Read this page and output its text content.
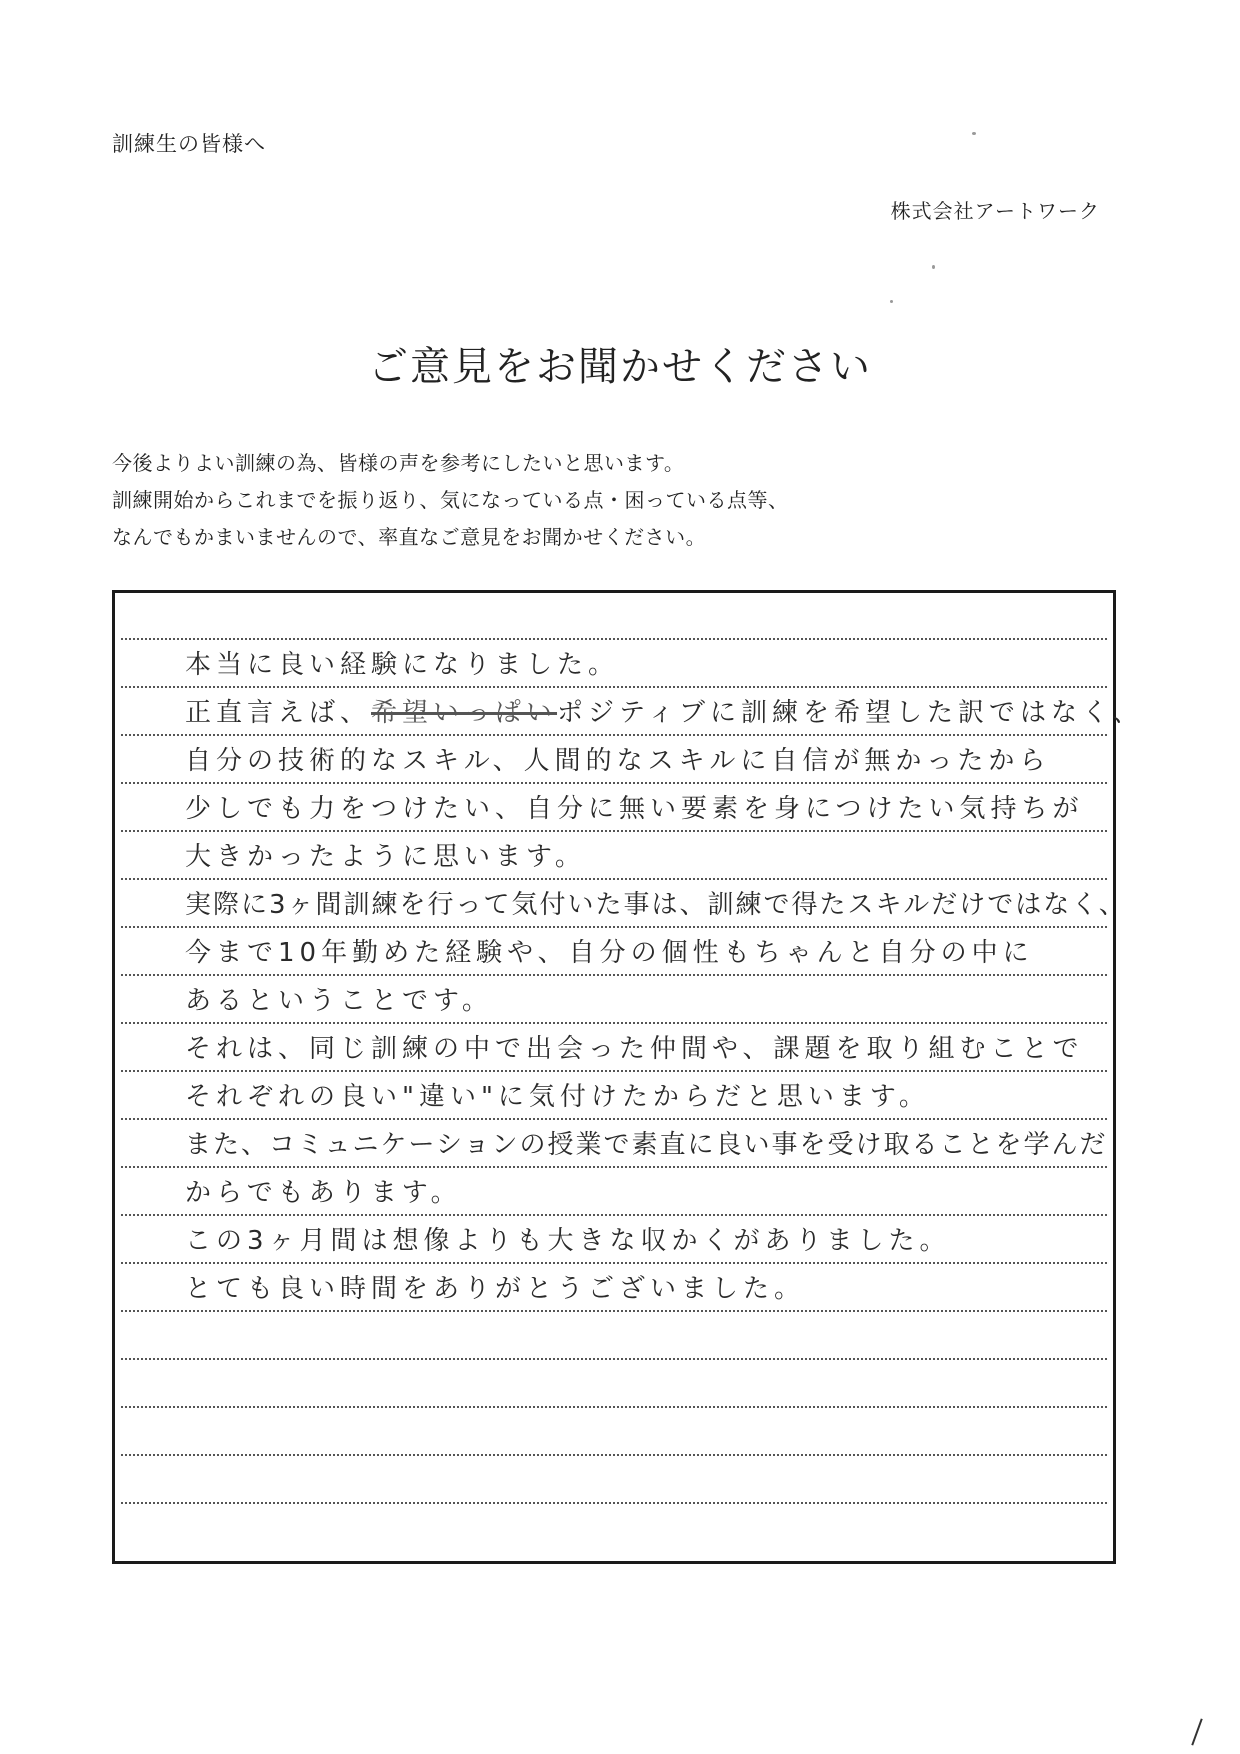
訓練生の皆様へ
株式会社アートワーク
ご意見をお聞かせください
今後よりよい訓練の為、皆様の声を参考にしたいと思います。
訓練開始からこれまでを振り返り、気になっている点・困っている点等、
なんでもかまいませんので、率直なご意見をお聞かせください。
本当に良い経験になりました。
正直言えば、希望いっぱいポジティブに訓練を希望した訳ではなく、
自分の技術的なスキル、人間的なスキルに自信が無かったから
少しでも力をつけたい、自分に無い要素を身につけたい気持ちが
大きかったように思います。
実際に3ヶ間訓練を行って気付いた事は、訓練で得たスキルだけではなく、
今まで10年勤めた経験や、自分の個性もちゃんと自分の中に
あるということです。
それは、同じ訓練の中で出会った仲間や、課題を取り組むことで
それぞれの良い"違い"に気付けたからだと思います。
また、コミュニケーションの授業で素直に良い事を受け取ることを学んだ
からでもあります。
この3ヶ月間は想像よりも大きな収かくがありました。
とても良い時間をありがとうございました。
